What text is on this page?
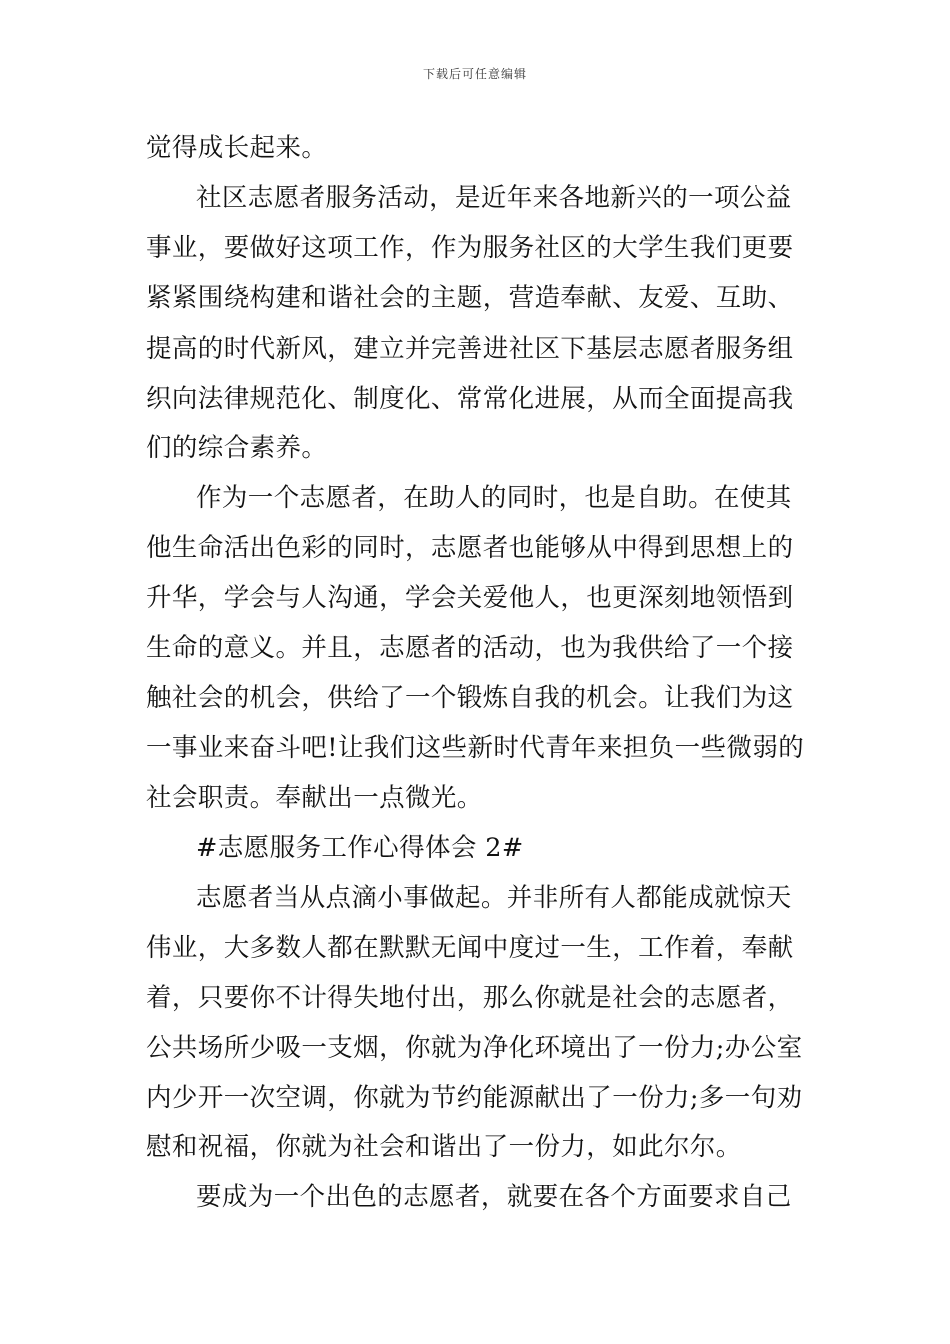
下载后可任意编辑
觉得成长起来。
社区志愿者服务活动，是近年来各地新兴的一项公益
事业，要做好这项工作，作为服务社区的大学生我们更要
紧紧围绕构建和谐社会的主题，营造奉献、友爱、互助、
提高的时代新风，建立并完善进社区下基层志愿者服务组
织向法律规范化、制度化、常常化进展，从而全面提高我
们的综合素养。
作为一个志愿者，在助人的同时，也是自助。在使其
他生命活出色彩的同时，志愿者也能够从中得到思想上的
升华，学会与人沟通，学会关爱他人，也更深刻地领悟到
生命的意义。并且，志愿者的活动，也为我供给了一个接
触社会的机会，供给了一个锻炼自我的机会。让我们为这
一事业来奋斗吧!让我们这些新时代青年来担负一些微弱的
社会职责。奉献出一点微光。
#志愿服务工作心得体会 2#
志愿者当从点滴小事做起。并非所有人都能成就惊天
伟业，大多数人都在默默无闻中度过一生，工作着，奉献
着，只要你不计得失地付出，那么你就是社会的志愿者，
公共场所少吸一支烟，你就为净化环境出了一份力;办公室
内少开一次空调，你就为节约能源献出了一份力;多一句劝
慰和祝福，你就为社会和谐出了一份力，如此尔尔。
要成为一个出色的志愿者，就要在各个方面要求自己
